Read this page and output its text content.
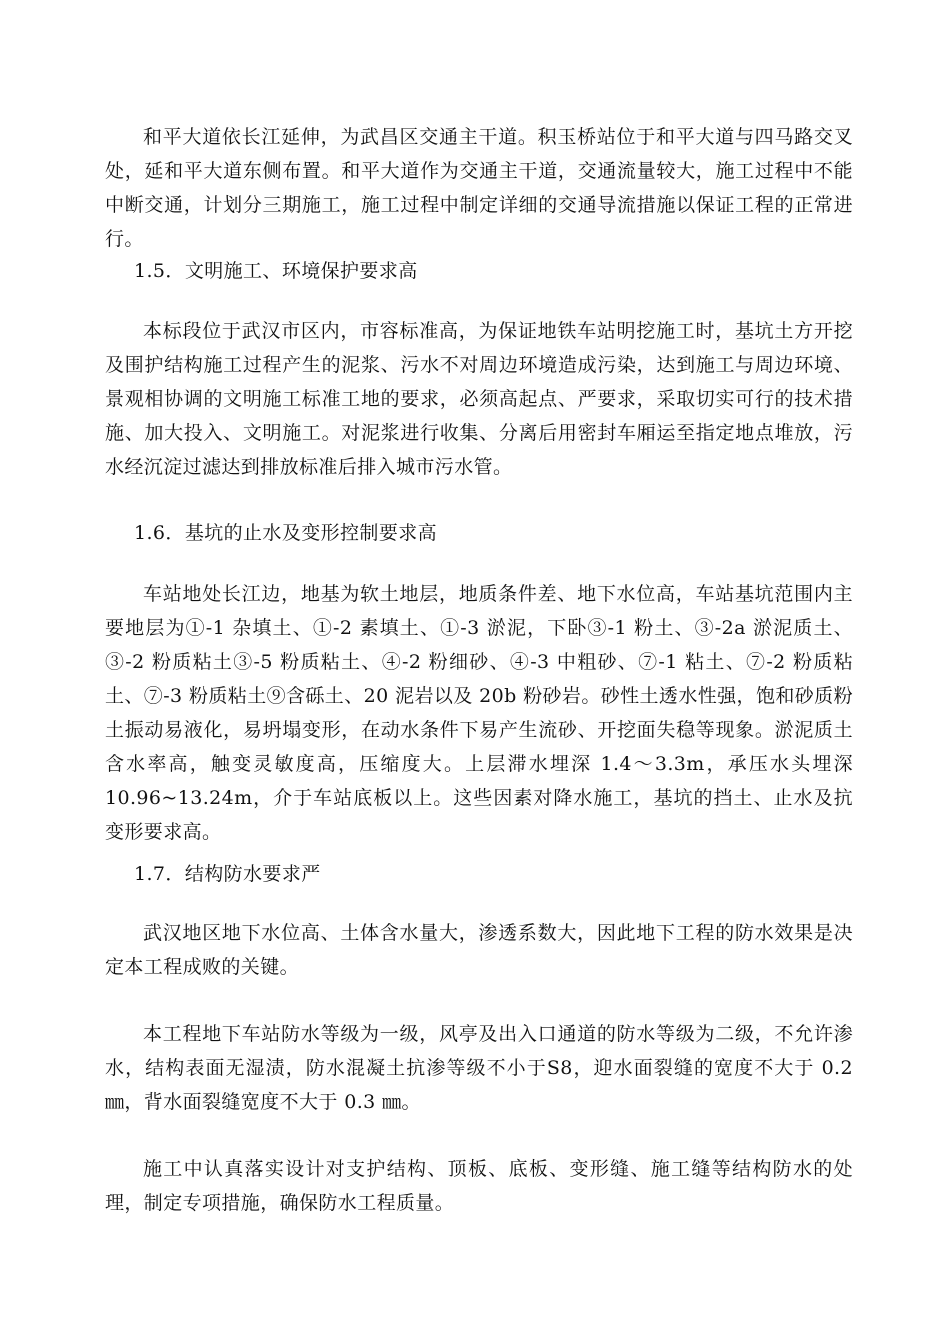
和平大道依长江延伸，为武昌区交通主干道。积玉桥站位于和平大道与四马路交叉处，延和平大道东侧布置。和平大道作为交通主干道，交通流量较大，施工过程中不能中断交通，计划分三期施工，施工过程中制定详细的交通导流措施以保证工程的正常进行。

1.5．文明施工、环境保护要求高

本标段位于武汉市区内，市容标准高，为保证地铁车站明挖施工时，基坑土方开挖及围护结构施工过程产生的泥浆、污水不对周边环境造成污染，达到施工与周边环境、景观相协调的文明施工标准工地的要求，必须高起点、严要求，采取切实可行的技术措施、加大投入、文明施工。对泥浆进行收集、分离后用密封车厢运至指定地点堆放，污水经沉淀过滤达到排放标准后排入城市污水管。

1.6．基坑的止水及变形控制要求高

车站地处长江边，地基为软土地层，地质条件差、地下水位高，车站基坑范围内主要地层为①-1 杂填土、①-2 素填土、①-3 淤泥，下卧③-1 粉土、③-2a 淤泥质土、③-2 粉质粘土③-5 粉质粘土、④-2 粉细砂、④-3 中粗砂、⑦-1 粘土、⑦-2 粉质粘土、⑦-3 粉质粘土⑨含砾土、20 泥岩以及 20b 粉砂岩。砂性土透水性强，饱和砂质粉土振动易液化，易坍塌变形，在动水条件下易产生流砂、开挖面失稳等现象。淤泥质土含水率高，触变灵敏度高，压缩度大。上层滞水埋深 1.4～3.3m，承压水头埋深 10.96~13.24m，介于车站底板以上。这些因素对降水施工，基坑的挡土、止水及抗变形要求高。

1.7．结构防水要求严

武汉地区地下水位高、土体含水量大，渗透系数大，因此地下工程的防水效果是决定本工程成败的关键。

本工程地下车站防水等级为一级，风亭及出入口通道的防水等级为二级，不允许渗水，结构表面无湿渍，防水混凝土抗渗等级不小于S8，迎水面裂缝的宽度不大于 0.2 ㎜，背水面裂缝宽度不大于 0.3 ㎜。

施工中认真落实设计对支护结构、顶板、底板、变形缝、施工缝等结构防水的处理，制定专项措施，确保防水工程质量。
